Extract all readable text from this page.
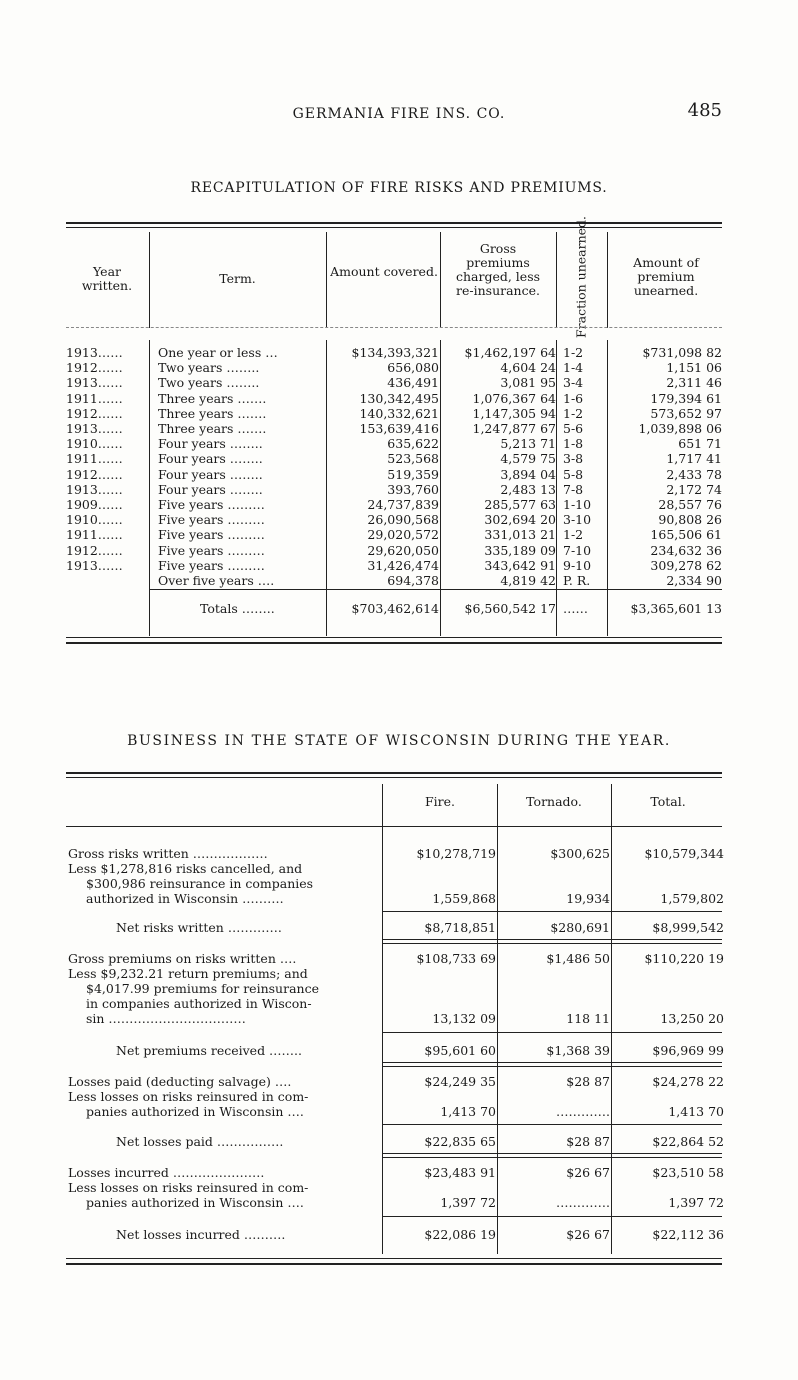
GERMANIA FIRE INS. CO.	485
RECAPITULATION OF FIRE RISKS AND PREMIUMS.
Year written.	Term.	Amount covered.
Gross premiums charged, less re-insurance.	Fraction unearned.	Amount of premium unearned.
1913……	One year or less …	$134,393,321	$1,462,197 64 1-2	$731,098 82
1912……	Two years ……..	656,080	4,604 24 1-4	1,151 06
1913……	Two years ……..	436,491	3,081 95 3-4	2,311 46
1911……	Three years …….	130,342,495	1,076,367 64 1-6	179,394 61
1912……	Three years …….	140,332,621	1,147,305 94 1-2	573,652 97
1913……	Three years …….	153,639,416	1,247,877 67 5-6	1,039,898 06
1910……	Four years ……..	635,622	5,213 71 1-8	651 71
1911……	Four years ……..	523,568	4,579 75 3-8	1,717 41
1912……	Four years ……..	519,359	3,894 04 5-8	2,433 78
1913……	Four years ……..	393,760	2,483 13 7-8	2,172 74
1909……	Five years ………	24,737,839	285,577 63 1-10	28,557 76
1910……	Five years ………	26,090,568	302,694 20 3-10	90,808 26
1911……	Five years ………	29,020,572	331,013 21 1-2	165,506 61
1912……	Five years ………	29,620,050	335,189 09 7-10	234,632 36
1913……	Five years ………	31,426,474	343,642 91 9-10	309,278 62
Over five years ….	694,378	4,819 42 P. R.	2,334 90
Totals ……..	$703,462,614	$6,560,542 17 ……	$3,365,601 13
BUSINESS IN THE STATE OF WISCONSIN DURING THE YEAR.
Fire.	Tornado.	Total.
Gross risks written ………………	$10,278,719	$300,625	$10,579,344
Less $1,278,816 risks cancelled, and
$300,986 reinsurance in companies
authorized in Wisconsin ……….	1,559,868	19,934	1,579,802
Net risks written ………….	$8,718,851	$280,691	$8,999,542
Gross premiums on risks written ….	$108,733 69	$1,486 50	$110,220 19
Less $9,232.21 return premiums; and
$4,017.99 premiums for reinsurance
in companies authorized in Wiscon-
sin ……………………………	13,132 09	118 11	13,250 20
Net premiums received ……..	$95,601 60	$1,368 39	$96,969 99
Losses paid (deducting salvage) ….	$24,249 35	$28 87	$24,278 22
Less losses on risks reinsured in com-
panies authorized in Wisconsin ….	1,413 70	………….	1,413 70
Net losses paid …………….	$22,835 65	$28 87	$22,864 52
Losses incurred ………………….	$23,483 91	$26 67	$23,510 58
Less losses on risks reinsured in com-
panies authorized in Wisconsin ….	1,397 72	………….	1,397 72
Net losses incurred ……….	$22,086 19	$26 67	$22,112 36
